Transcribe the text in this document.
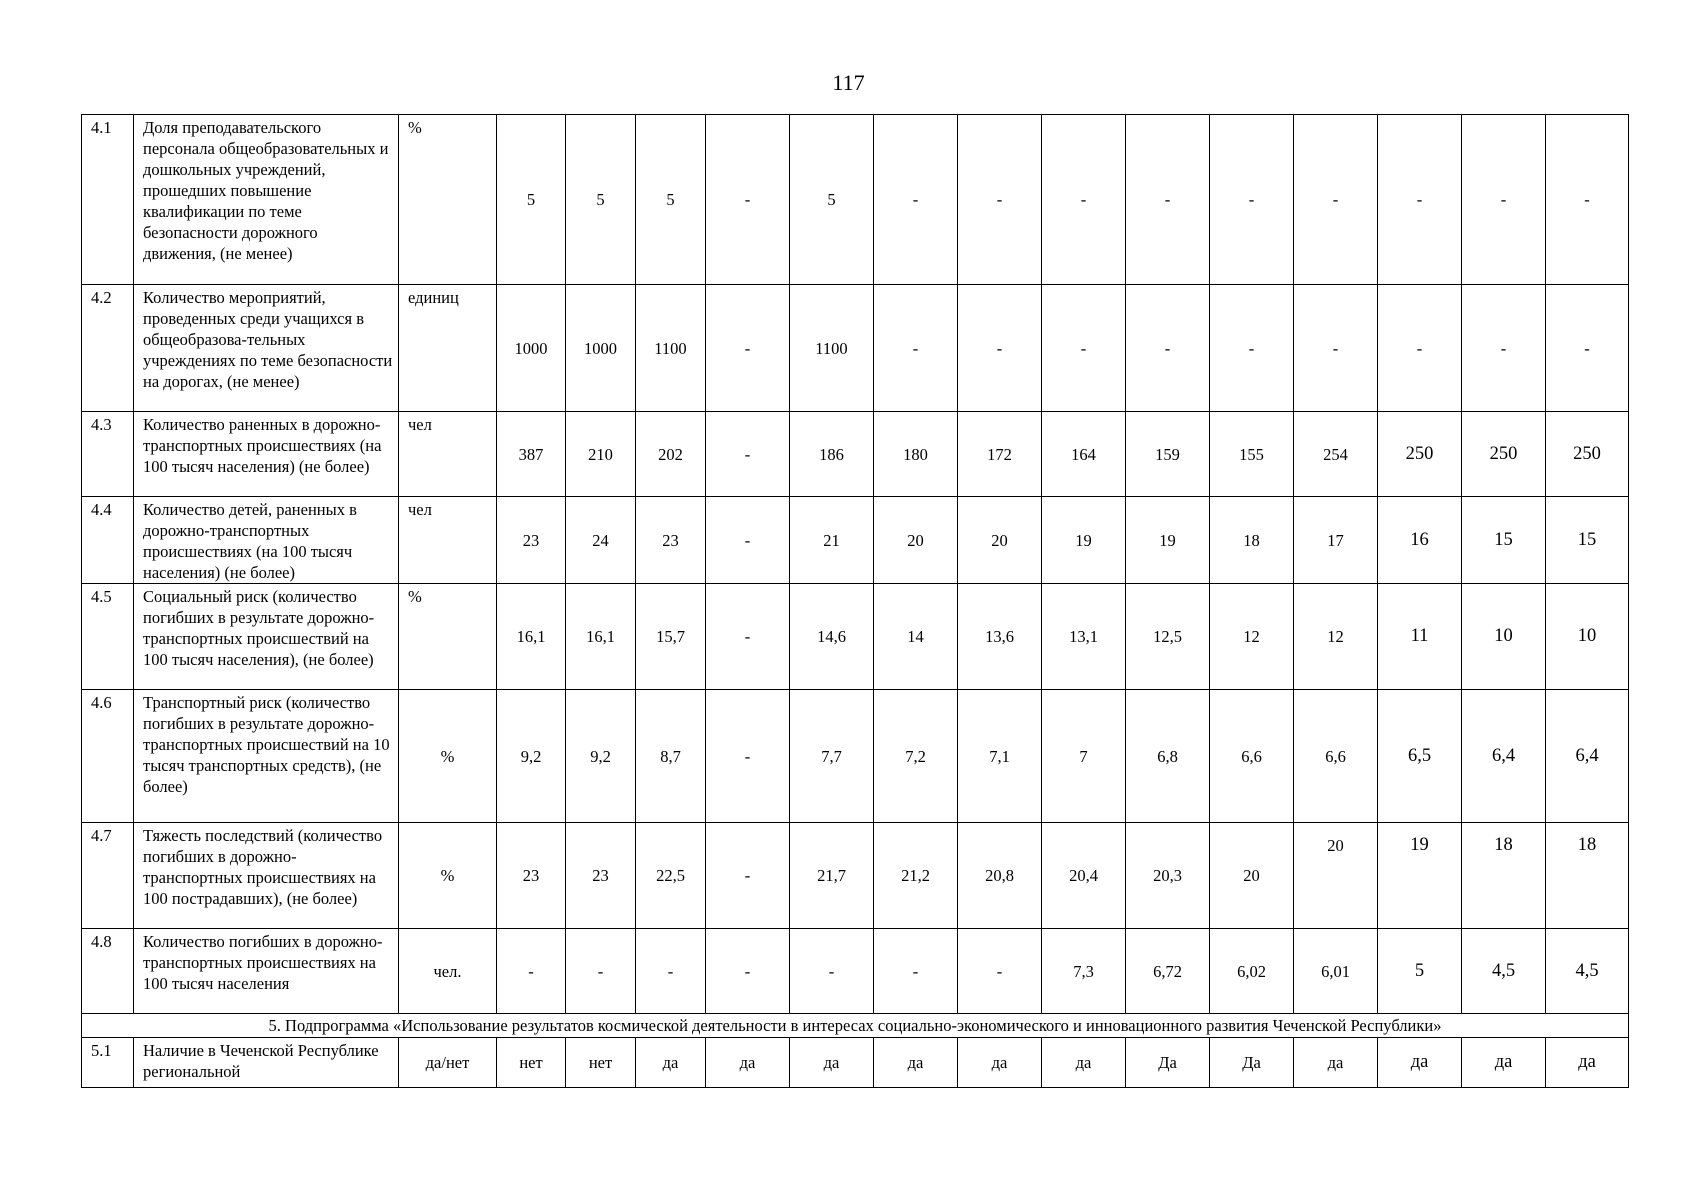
117
4.1	Доля преподавательского персонала общеобразовательных и дошкольных учреждений, прошедших повышение квалификации по теме безопасности дорожного движения, (не менее)	%	5	5	5	-	5	-	-	-	-	-	-	-	-	-
4.2	Количество мероприятий, проведенных среди учащихся в общеобразова-тельных учреждениях по теме безопасности на дорогах, (не менее)	единиц	1000	1000	1100	-	1100	-	-	-	-	-	-	-	-	-
4.3	Количество раненных в дорожно-транспортных происшествиях (на 100 тысяч населения) (не более)	чел	387	210	202	-	186	180	172	164	159	155	254	250	250	250
4.4	Количество детей, раненных в дорожно-транспортных происшествиях (на 100 тысяч населения) (не более)	чел	23	24	23	-	21	20	20	19	19	18	17	16	15	15
4.5	Социальный риск (количество погибших в результате дорожно-транспортных происшествий на 100 тысяч населения), (не более)	%	16,1	16,1	15,7	-	14,6	14	13,6	13,1	12,5	12	12	11	10	10
4.6	Транспортный риск (количество погибших в результате дорожно-транспортных происшествий на 10 тысяч транспортных средств), (не более)	%	9,2	9,2	8,7	-	7,7	7,2	7,1	7	6,8	6,6	6,6	6,5	6,4	6,4
4.7	Тяжесть последствий (количество погибших в дорожно-транспортных происшествиях на 100 пострадавших), (не более)	%	23	23	22,5	-	21,7	21,2	20,8	20,4	20,3	20	20	19	18	18
4.8	Количество погибших в дорожно-транспортных происшествиях на 100 тысяч населения	чел.	-	-	-	-	-	-	-	7,3	6,72	6,02	6,01	5	4,5	4,5
5. Подпрограмма «Использование результатов космической деятельности в интересах социально-экономического и инновационного развития Чеченской Республики»																
5.1	Наличие в Чеченской Республике региональной	да/нет	нет	нет	да	да	да	да	да	да	Да	Да	да	да	да	да
